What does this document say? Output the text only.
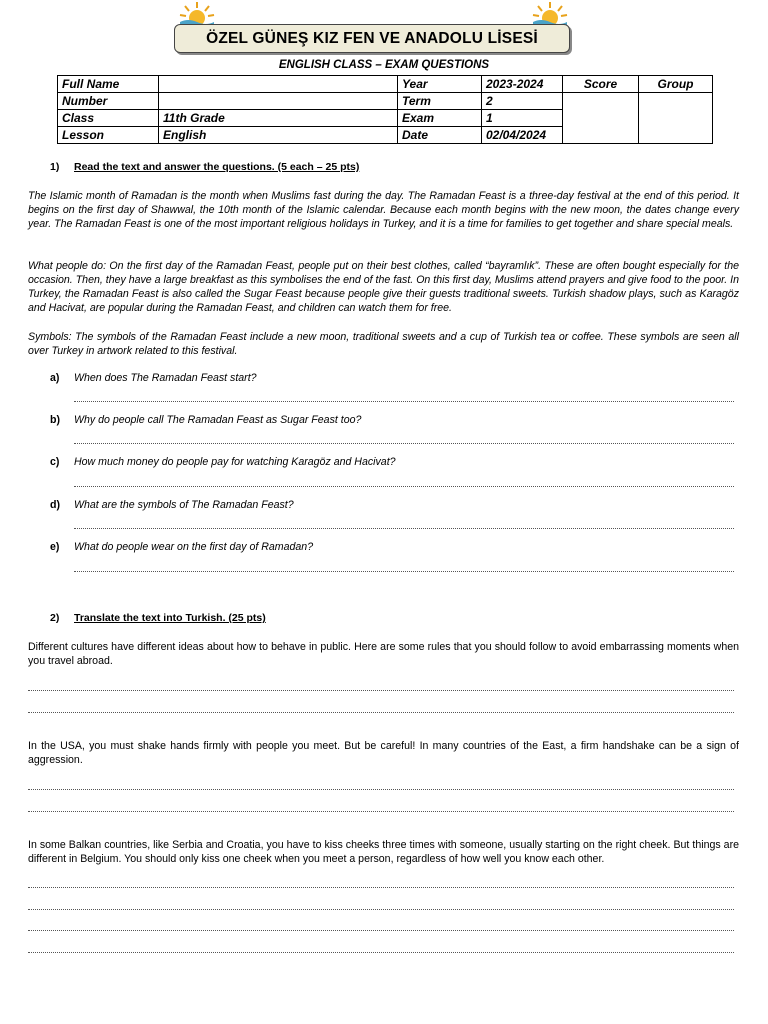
ÖZEL GÜNEŞ KIZ FEN VE ANADOLU LİSESİ
ENGLISH CLASS – EXAM QUESTIONS
Full Name		Year	2023-2024	Score	Group
Number		Term	2		
Class	11th Grade	Exam	1		
Lesson	English	Date	02/04/2024		
1) Read the text and answer the questions. (5 each – 25 pts)
The Islamic month of Ramadan is the month when Muslims fast during the day. The Ramadan Feast is a three-day festival at the end of this period. It begins on the first day of Shawwal, the 10th month of the Islamic calendar. Because each month begins with the new moon, the dates change every year. The Ramadan Feast is one of the most important religious holidays in Turkey, and it is a time for families to get together and share special meals.
What people do: On the first day of the Ramadan Feast, people put on their best clothes, called “bayramlık”. These are often bought especially for the occasion. Then, they have a large breakfast as this symbolises the end of the fast. On this first day, Muslims attend prayers and give food to the poor. In Turkey, the Ramadan Feast is also called the Sugar Feast because people give their guests traditional sweets. Turkish shadow plays, such as Karagöz and Hacivat, are popular during the Ramadan Feast, and children can watch them for free.
Symbols: The symbols of the Ramadan Feast include a new moon, traditional sweets and a cup of Turkish tea or coffee. These symbols are seen all over Turkey in artwork related to this festival.
a) When does The Ramadan Feast start?
b) Why do people call The Ramadan Feast as Sugar Feast too?
c) How much money do people pay for watching Karagöz and Hacivat?
d) What are the symbols of The Ramadan Feast?
e) What do people wear on the first day of Ramadan?
2) Translate the text into Turkish. (25 pts)
Different cultures have different ideas about how to behave in public. Here are some rules that you should follow to avoid embarrassing moments when you travel abroad.
In the USA, you must shake hands firmly with people you meet. But be careful! In many countries of the East, a firm handshake can be a sign of aggression.
In some Balkan countries, like Serbia and Croatia, you have to kiss cheeks three times with someone, usually starting on the right cheek. But things are different in Belgium. You should only kiss one cheek when you meet a person, regardless of how well you know each other.
